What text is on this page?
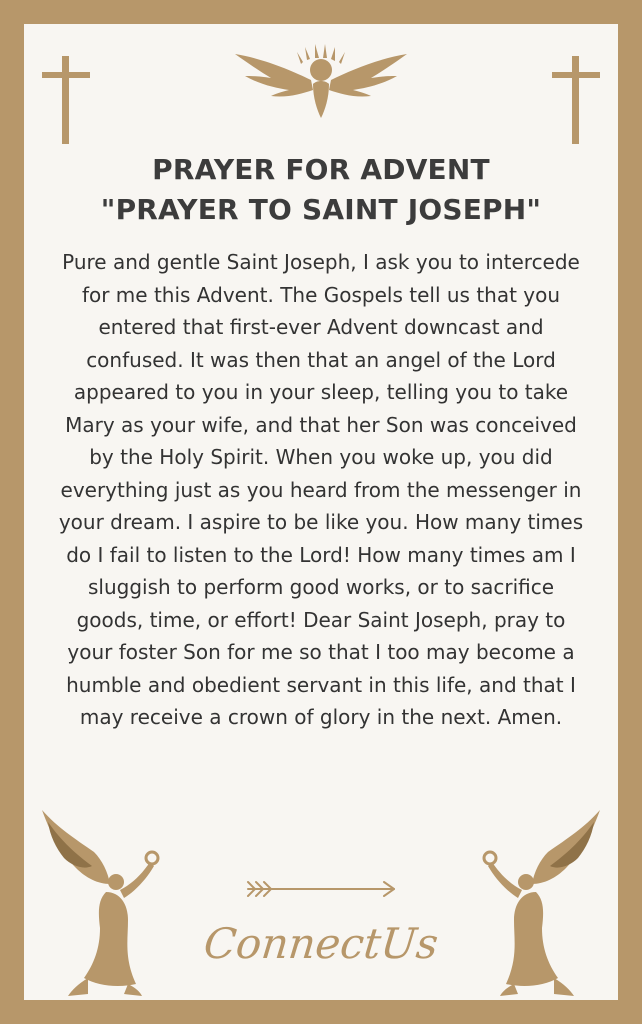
PRAYER FOR ADVENT
"PRAYER TO SAINT JOSEPH"
Pure and gentle Saint Joseph, I ask you to intercede for me this Advent. The Gospels tell us that you entered that first-ever Advent downcast and confused. It was then that an angel of the Lord appeared to you in your sleep, telling you to take Mary as your wife, and that her Son was conceived by the Holy Spirit. When you woke up, you did everything just as you heard from the messenger in your dream. I aspire to be like you. How many times do I fail to listen to the Lord! How many times am I sluggish to perform good works, or to sacrifice goods, time, or effort! Dear Saint Joseph, pray to your foster Son for me so that I too may become a humble and obedient servant in this life, and that I may receive a crown of glory in the next. Amen.
ConnectUs
